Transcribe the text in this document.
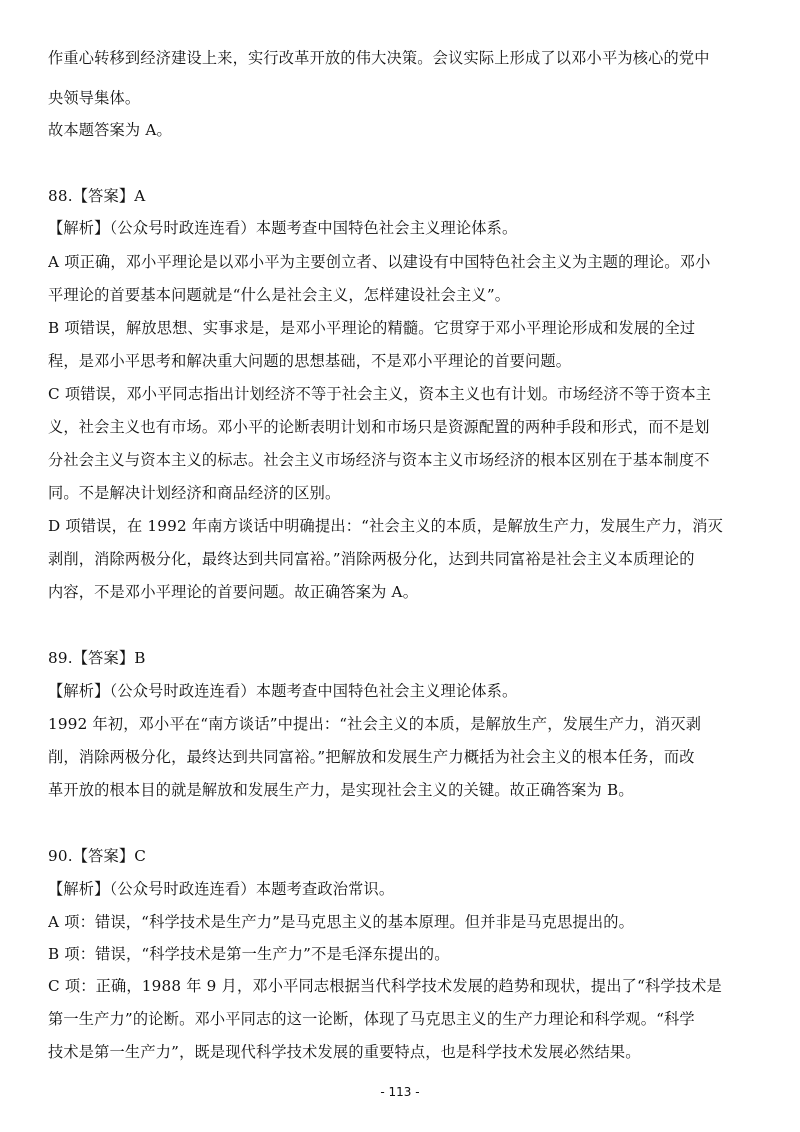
作重心转移到经济建设上来，实行改革开放的伟大决策。会议实际上形成了以邓小平为核心的党中
央领导集体。
故本题答案为 A。
88.【答案】A
【解析】（公众号时政连连看）本题考查中国特色社会主义理论体系。
A 项正确，邓小平理论是以邓小平为主要创立者、以建设有中国特色社会主义为主题的理论。邓小
平理论的首要基本问题就是“什么是社会主义，怎样建设社会主义”。
B 项错误，解放思想、实事求是，是邓小平理论的精髓。它贯穿于邓小平理论形成和发展的全过
程，是邓小平思考和解决重大问题的思想基础，不是邓小平理论的首要问题。
C 项错误，邓小平同志指出计划经济不等于社会主义，资本主义也有计划。市场经济不等于资本主
义，社会主义也有市场。邓小平的论断表明计划和市场只是资源配置的两种手段和形式，而不是划
分社会主义与资本主义的标志。社会主义市场经济与资本主义市场经济的根本区别在于基本制度不
同。不是解决计划经济和商品经济的区别。
D 项错误，在 1992 年南方谈话中明确提出：“社会主义的本质，是解放生产力，发展生产力，消灭
剥削，消除两极分化，最终达到共同富裕。”消除两极分化，达到共同富裕是社会主义本质理论的
内容，不是邓小平理论的首要问题。故正确答案为 A。
89.【答案】B
【解析】（公众号时政连连看）本题考查中国特色社会主义理论体系。
1992 年初，邓小平在“南方谈话”中提出：“社会主义的本质，是解放生产，发展生产力，消灭剥
削，消除两极分化，最终达到共同富裕。”把解放和发展生产力概括为社会主义的根本任务，而改
革开放的根本目的就是解放和发展生产力，是实现社会主义的关键。故正确答案为 B。
90.【答案】C
【解析】（公众号时政连连看）本题考查政治常识。
A 项：错误，“科学技术是生产力”是马克思主义的基本原理。但并非是马克思提出的。
B 项：错误，“科学技术是第一生产力”不是毛泽东提出的。
C 项：正确，1988 年 9 月，邓小平同志根据当代科学技术发展的趋势和现状，提出了“科学技术是
第一生产力”的论断。邓小平同志的这一论断，体现了马克思主义的生产力理论和科学观。“科学
技术是第一生产力”，既是现代科学技术发展的重要特点，也是科学技术发展必然结果。
- 113 -
